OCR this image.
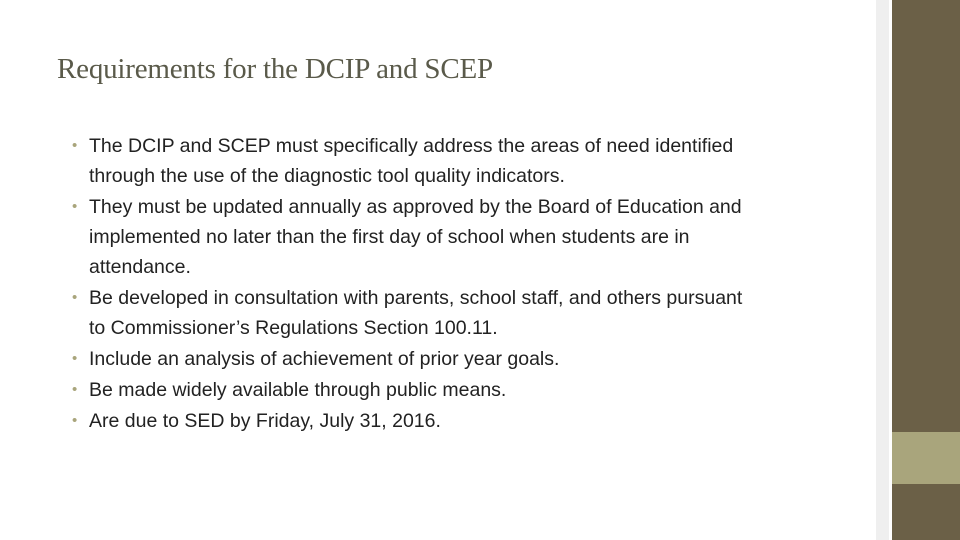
Requirements for the DCIP and SCEP
• The DCIP and SCEP must specifically address the areas of need identified through the use of the diagnostic tool quality indicators.
• They must be updated annually as approved by the Board of Education and implemented no later than the first day of school when students are in attendance.
• Be developed in consultation with parents, school staff, and others pursuant to Commissioner’s Regulations Section 100.11.
• Include an analysis of achievement of prior year goals.
• Be made widely available through public means.
• Are due to SED by Friday, July 31, 2016.
